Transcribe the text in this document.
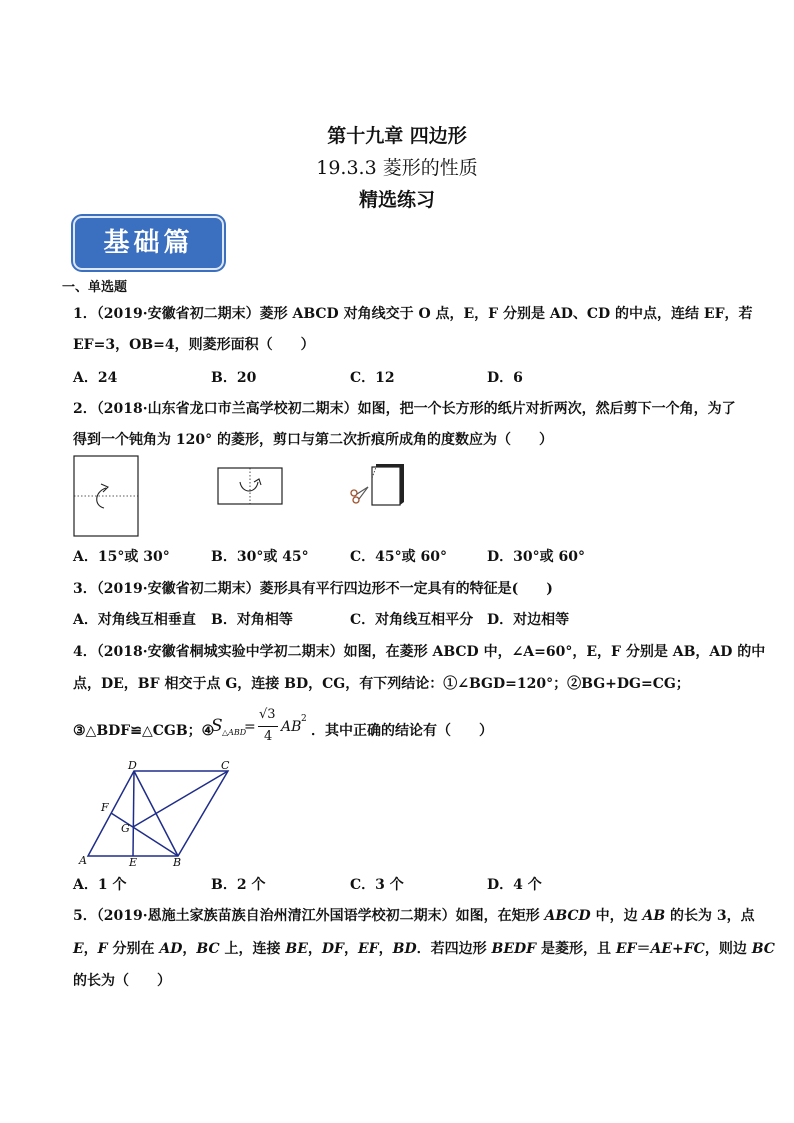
第十九章 四边形
19.3.3 菱形的性质
精选练习
基础篇
一、单选题
1．（2019·安徽省初二期末）菱形 ABCD 对角线交于 O 点，E，F 分别是 AD、CD 的中点，连结 EF，若
EF=3，OB=4，则菱形面积（　　）
A．24	B．20	C．12	D．6
2．（2018·山东省龙口市兰高学校初二期末）如图，把一个长方形的纸片对折两次，然后剪下一个角，为了
得到一个钝角为 120° 的菱形，剪口与第二次折痕所成角的度数应为（　　）
A．15°或 30°	B．30°或 45°	C．45°或 60°	D．30°或 60°
3．（2019·安徽省初二期末）菱形具有平行四边形不一定具有的特征是(　　)
A．对角线互相垂直 B．对角相等	C．对角线互相平分 D．对边相等
4．（2018·安徽省桐城实验中学初二期末）如图，在菱形 ABCD 中，∠A=60°，E，F 分别是 AB，AD 的中
点，DE，BF 相交于点 G，连接 BD，CG，有下列结论：①∠BGD=120°；②BG+DG=CG；
③△BDF≌△CGB；④
S △ABD
=
√3
4
AB 2
．其中正确的结论有（　　）
D	C
F
G
A	E	B
A．1 个	B．2 个	C．3 个	D．4 个
5．（2019·恩施土家族苗族自治州清江外国语学校初二期末）如图，在矩形 ABCD 中，边 AB 的长为 3，点
E，F 分别在 AD，BC 上，连接 BE，DF，EF，BD．若四边形 BEDF 是菱形，且 EF＝AE+FC，则边 BC
的长为（　　）
